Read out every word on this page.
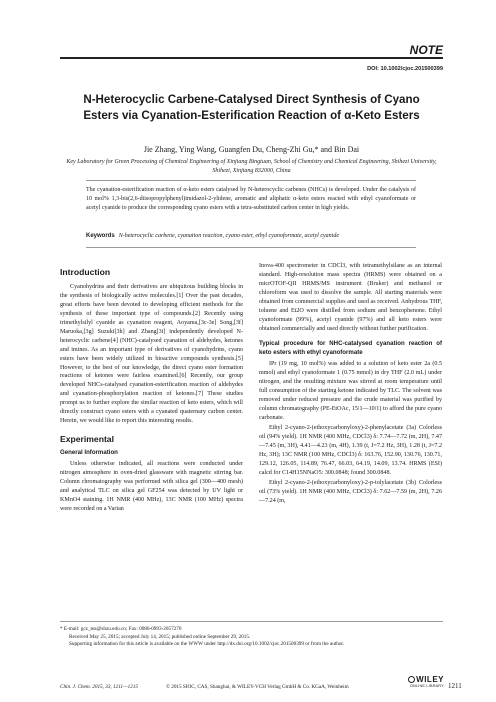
NOTE
DOI: 10.1002/cjoc.201500399
N-Heterocyclic Carbene-Catalysed Direct Synthesis of Cyano
Esters via Cyanation-Esterification Reaction of α-Keto Esters
Jie Zhang, Ying Wang, Guangfen Du, Cheng-Zhi Gu,* and Bin Dai
Key Laboratory for Green Processing of Chemical Engineering of Xinjiang Bingtuan, School of Chemistry and Chemical Engineering, Shihezi University, Shihezi, Xinjiang 832000, China
The cyanation-esterification reaction of α-keto esters catalysed by N-heterocyclic carbenes (NHCs) is developed. Under the catalysis of 10 mol% 1,3-bis(2,6-diisopropylphenyl)imidazol-2-ylidene, aromatic and aliphatic α-keto esters reacted with ethyl cyanoformate or acetyl cyanide to produce the corresponding cyano esters with a tetra-substituted carbon center in high yields.
Keywords N-heterocyclic carbene, cyanation reaction, cyano ester, ethyl cyanoformate, acetyl cyanide
Introduction

Cyanohydrins and their derivatives are ubiquitous building blocks in the synthesis of biologically active molecules.[1] Over the past decades, great efforts have been devoted to developing efficient methods for the synthesis of these important type of compounds.[2] Recently using trimethylsilyl cyanide as cyanation reagent, Aoyama,[3c-3e] Song,[3f] Maruoka,[3g] Suzuki[3h] and Zhang[3i] independently developed N-heterocyclic carbene[4] (NHC)-catalysed cyanation of aldehydes, ketones and imines. As an important type of derivatives of cyanohydrins, cyano esters have been widely utilized in bioactive compounds synthesis.[5] However, to the best of our knowledge, the direct cyano ester formation reactions of ketones were fairless examined.[6] Recently, our group developed NHCs-catalysed cyanation-esterification reaction of aldehydes and cyanation-phosphorylation reaction of ketones.[7] These studies prompt us to further explore the similar reaction of keto esters, which will directly construct cyano esters with a cyanated quaternary carbon center. Herein, we would like to report this interesting results.

Experimental
General Information

Unless otherwise indicated, all reactions were conducted under nitrogen atmosphere in oven-dried glassware with magnetic stirring bar. Column chromatography was performed with silica gel (300—400 mesh) and analytical TLC on silica gel GF254 was detected by UV light or KMnO4 staining. 1H NMR (400 MHz), 13C NMR (100 MHz) spectra were recorded on a Varian

Inova-400 spectrometer in CDCl3, with tetramethylsilane as an internal standard. High-resolution mass spectra (HRMS) were obtained on a micrOTOF-QII HRMS/MS instrument (Bruker) and methanol or chloroform was used to dissolve the sample. All starting materials were obtained from commercial supplies and used as received. Anhydrous THF, toluene and Et2O were distilled from sodium and benzophenone. Ethyl cyanoformate (99%), acetyl cyanide (97%) and all keto esters were obtained commercially and used directly without further purification.

Typical procedure for NHC-catalysed cyanation reaction of keto esters with ethyl cyanoformate

IPr (19 mg, 10 mol%) was added to a solution of keto ester 2a (0.5 mmol) and ethyl cyanoformate 1 (0.75 mmol) in dry THF (2.0 mL) under nitrogen, and the resulting mixture was stirred at room temperature until full consumption of the starting ketone indicated by TLC. The solvent was removed under reduced pressure and the crude material was purified by column chromatography (PE-EtOAc, 15∶1—10∶1) to afford the pure cyano carbonate.

Ethyl 2-cyano-2-(ethoxycarbonyloxy)-2-phenylacetate (3a) Colorless oil (94% yield). 1H NMR (400 MHz, CDCl3) δ: 7.74—7.72 (m, 2H), 7.47—7.45 (m, 3H), 4.41—4.23 (m, 4H), 1.39 (t, J=7.2 Hz, 3H), 1.28 (t, J=7.2 Hz, 3H); 13C NMR (100 MHz, CDCl3) δ: 163.76, 152.90, 130.76, 130.71, 129.12, 126.05, 114.89, 76.47, 66.03, 64.19, 14.09, 13.74. HRMS (ESI) calcd for C14H15NNaO5: 300.0848; found 300.0848.

Ethyl 2-cyano-2-(ethoxycarbonyloxy)-2-p-tolylacetate (3b) Colorless oil (73% yield). 1H NMR (400 MHz, CDCl3) δ: 7.62—7.59 (m, 2H), 7.26—7.24 (m,

* E-mail: gcz_tea@shzu.edu.cn; Fax: 0086-0993-2057270
Received May 25, 2015; accepted July 14, 2015; published online September 29, 2015.
Supporting information for this article is available on the WWW under http://dx.doi.org/10.1002/cjoc.201500399 or from the author.
Chin. J. Chem. 2015, 33, 1211—1215	© 2015 SIOC, CAS, Shanghai, & WILEY-VCH Verlag GmbH & Co. KGaA, Weinheim
WILEY
ONLINE LIBRARY 1211
